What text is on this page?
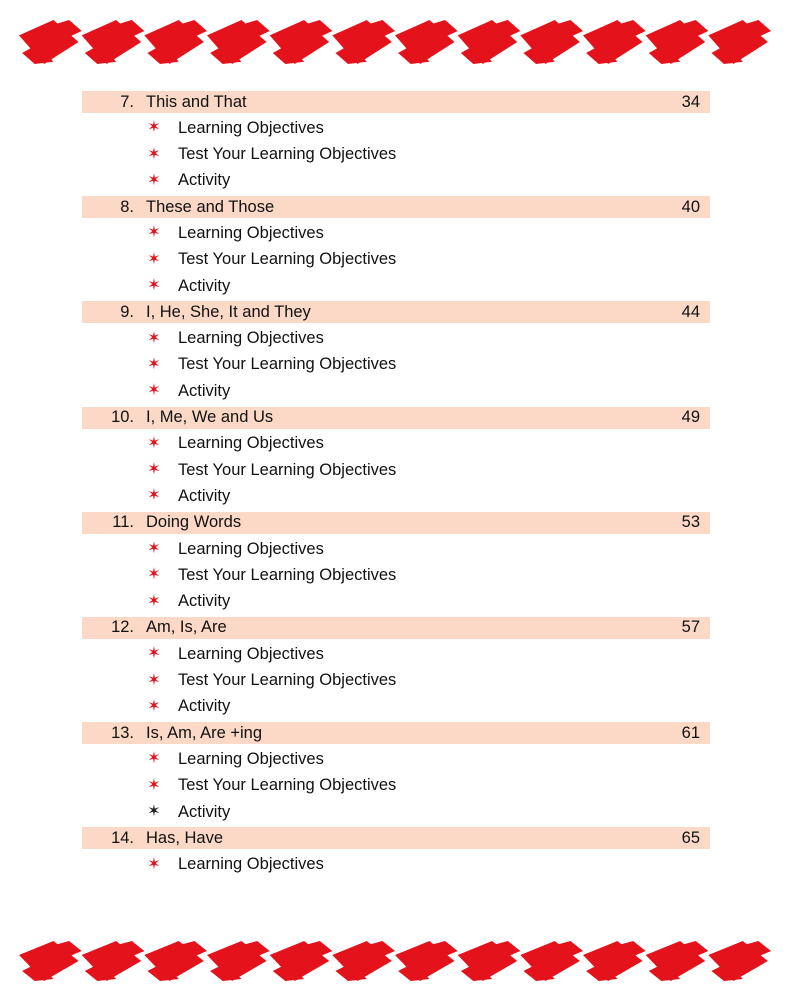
7. This and That	34
✶ Learning Objectives
✶ Test Your Learning Objectives
✶ Activity
8. These and Those	40
✶ Learning Objectives
✶ Test Your Learning Objectives
✶ Activity
9. I, He, She, It and They	44
✶ Learning Objectives
✶ Test Your Learning Objectives
✶ Activity
10. I, Me, We and Us	49
✶ Learning Objectives
✶ Test Your Learning Objectives
✶ Activity
11. Doing Words	53
✶ Learning Objectives
✶ Test Your Learning Objectives
✶ Activity
12. Am, Is, Are	57
✶ Learning Objectives
✶ Test Your Learning Objectives
✶ Activity
13. Is, Am, Are +ing	61
✶ Learning Objectives
✶ Test Your Learning Objectives
✶ Activity
14. Has, Have	65
✶ Learning Objectives
